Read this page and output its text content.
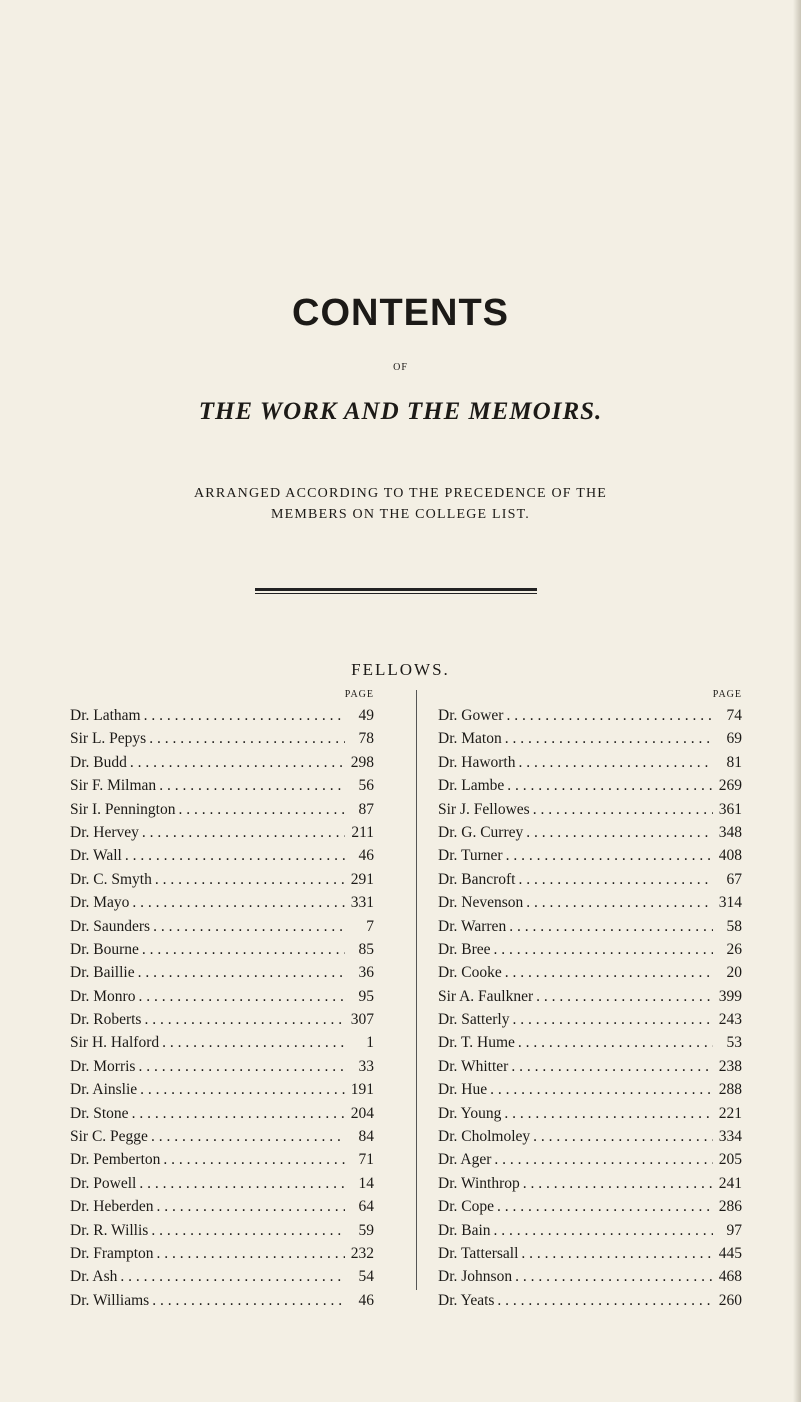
CONTENTS
OF
THE WORK AND THE MEMOIRS.
ARRANGED ACCORDING TO THE PRECEDENCE OF THE
MEMBERS ON THE COLLEGE LIST.
FELLOWS.
PAGE
Dr. Latham . . .	49
Sir L. Pepys . . .	78
Dr. Budd . . .	298
Sir F. Milman . . .	56
Sir I. Pennington . . .	87
Dr. Hervey . . .	211
Dr. Wall . . .	46
Dr. C. Smyth . . .	291
Dr. Mayo . . .	331
Dr. Saunders . . .	7
Dr. Bourne . . .	85
Dr. Baillie . . .	36
Dr. Monro . . .	95
Dr. Roberts . . .	307
Sir H. Halford . . .	1
Dr. Morris . . .	33
Dr. Ainslie . . .	191
Dr. Stone . . .	204
Sir C. Pegge . . .	84
Dr. Pemberton . . .	71
Dr. Powell . . .	14
Dr. Heberden . . .	64
Dr. R. Willis . . .	59
Dr. Frampton . . .	232
Dr. Ash . . .	54
Dr. Williams . . .	46
PAGE
Dr. Gower . . .	74
Dr. Maton . . .	69
Dr. Haworth . . .	81
Dr. Lambe . . .	269
Sir J. Fellowes . . .	361
Dr. G. Currey . . .	348
Dr. Turner . . .	408
Dr. Bancroft . . .	67
Dr. Nevenson . . .	314
Dr. Warren . . .	58
Dr. Bree . . .	26
Dr. Cooke . . .	20
Sir A. Faulkner . . .	399
Dr. Satterly . . .	243
Dr. T. Hume . . .	53
Dr. Whitter . . .	238
Dr. Hue . . .	288
Dr. Young . . .	221
Dr. Cholmoley . . .	334
Dr. Ager . . .	205
Dr. Winthrop . . .	241
Dr. Cope . . .	286
Dr. Bain . . .	97
Dr. Tattersall . . .	445
Dr. Johnson . . .	468
Dr. Yeats . . .	260
